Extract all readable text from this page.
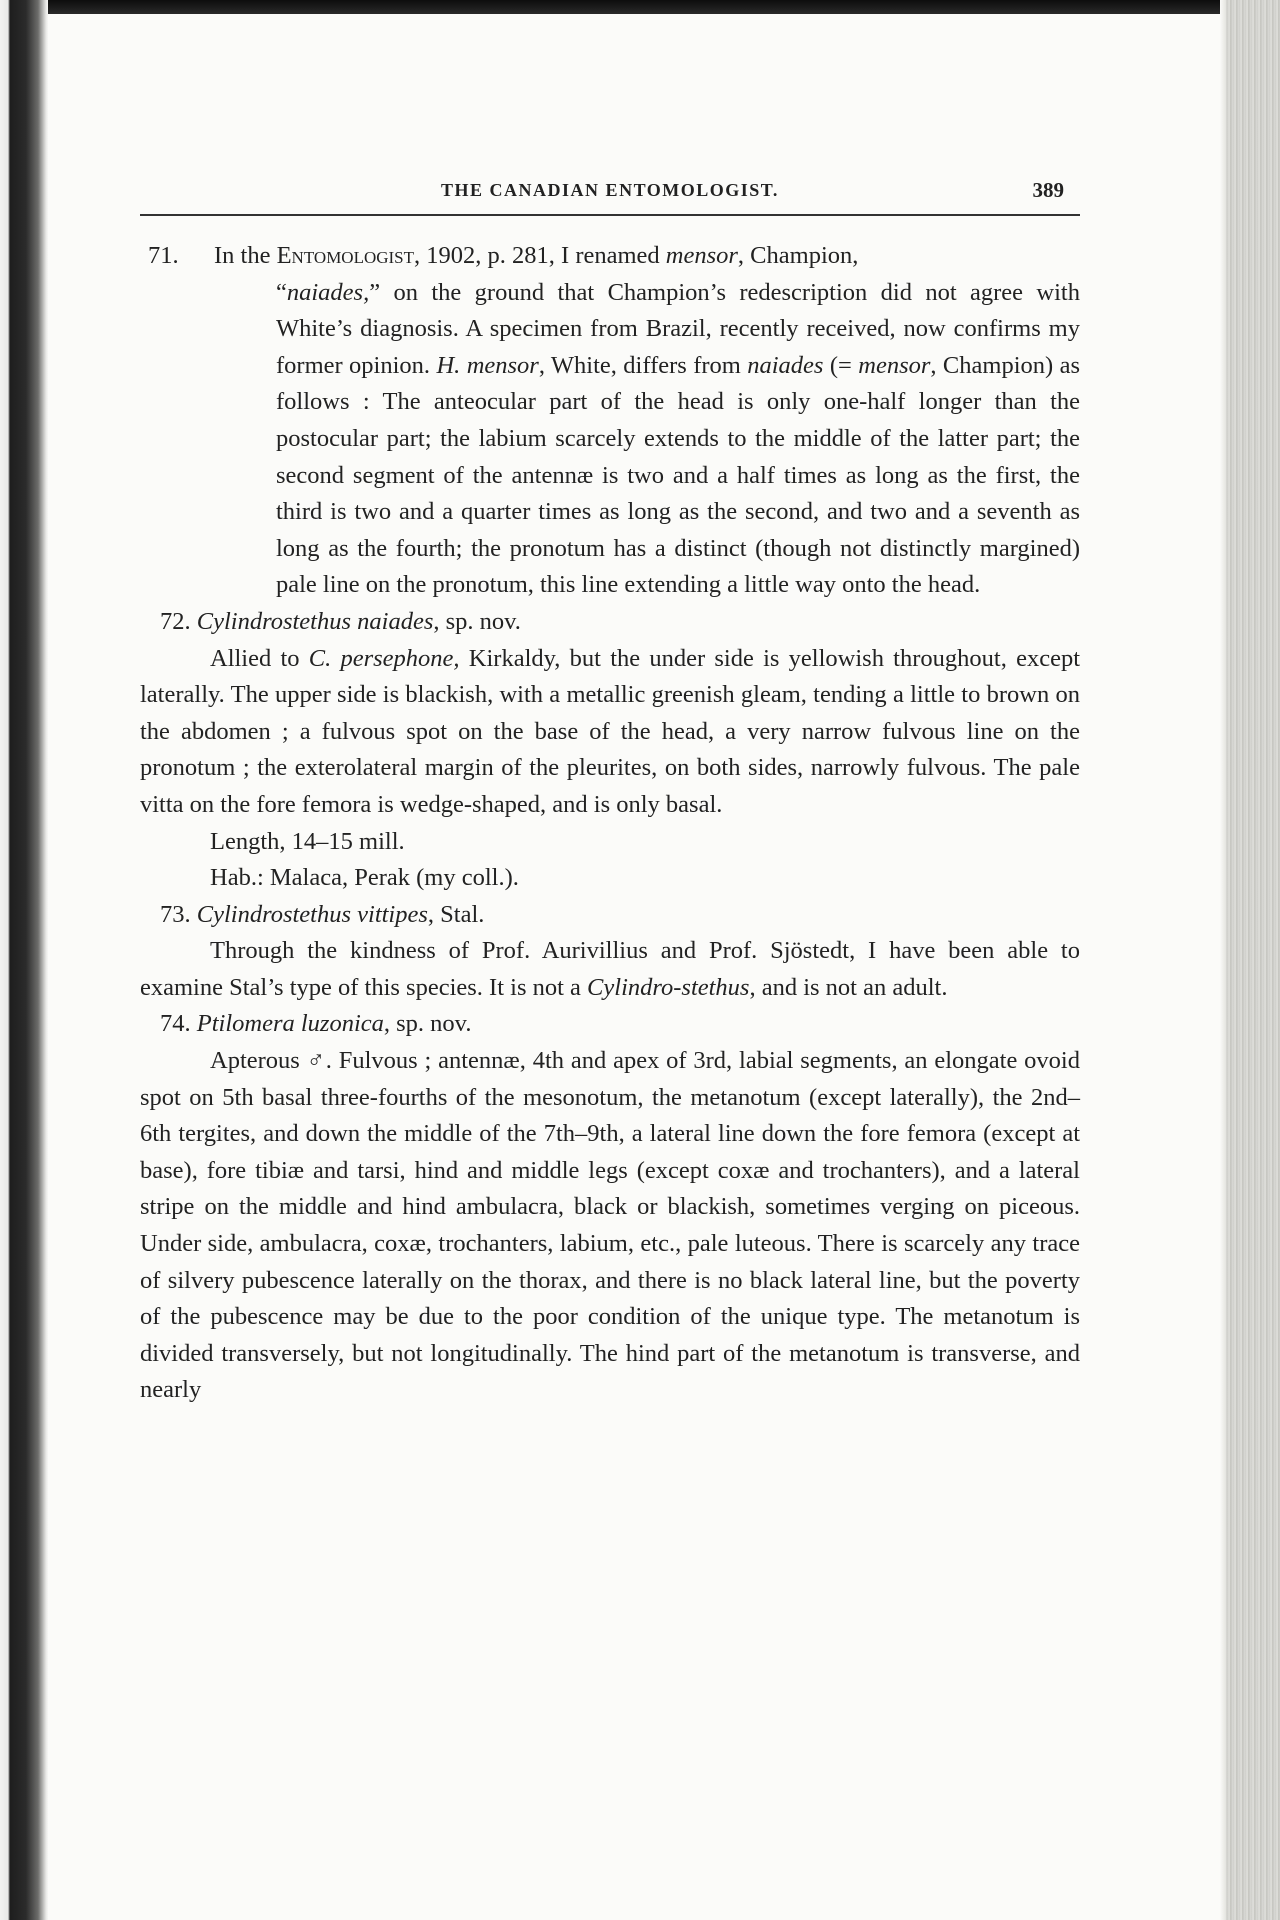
THE CANADIAN ENTOMOLOGIST.	389
71.	In the Entomologist, 1902, p. 281, I renamed mensor, Champion,
“naiades,” on the ground that Champion’s redescription did not agree with White’s diagnosis. A specimen from Brazil, recently received, now confirms my former opinion. H. mensor, White, differs from naiades (= mensor, Champion) as follows : The anteocular part of the head is only one-half longer than the postocular part; the labium scarcely extends to the middle of the latter part; the second segment of the antennæ is two and a half times as long as the first, the third is two and a quarter times as long as the second, and two and a seventh as long as the fourth; the pronotum has a distinct (though not distinctly margined) pale line on the pronotum, this line extending a little way onto the head.

72. Cylindrostethus naiades, sp. nov.

Allied to C. persephone, Kirkaldy, but the under side is yellowish throughout, except laterally. The upper side is blackish, with a metallic greenish gleam, tending a little to brown on the abdomen ; a fulvous spot on the base of the head, a very narrow fulvous line on the pronotum ; the exterolateral margin of the pleurites, on both sides, narrowly fulvous. The pale vitta on the fore femora is wedge-shaped, and is only basal.

Length, 14–15 mill.

Hab.: Malaca, Perak (my coll.).

73. Cylindrostethus vittipes, Stal.

Through the kindness of Prof. Aurivillius and Prof. Sjöstedt, I have been able to examine Stal’s type of this species. It is not a Cylindro-stethus, and is not an adult.

74. Ptilomera luzonica, sp. nov.

Apterous ♂. Fulvous ; antennæ, 4th and apex of 3rd, labial segments, an elongate ovoid spot on 5th basal three-fourths of the mesonotum, the metanotum (except laterally), the 2nd–6th tergites, and down the middle of the 7th–9th, a lateral line down the fore femora (except at base), fore tibiæ and tarsi, hind and middle legs (except coxæ and trochanters), and a lateral stripe on the middle and hind ambulacra, black or blackish, sometimes verging on piceous. Under side, ambulacra, coxæ, trochanters, labium, etc., pale luteous. There is scarcely any trace of silvery pubescence laterally on the thorax, and there is no black lateral line, but the poverty of the pubescence may be due to the poor condition of the unique type. The metanotum is divided transversely, but not longitudinally. The hind part of the metanotum is transverse, and nearly
